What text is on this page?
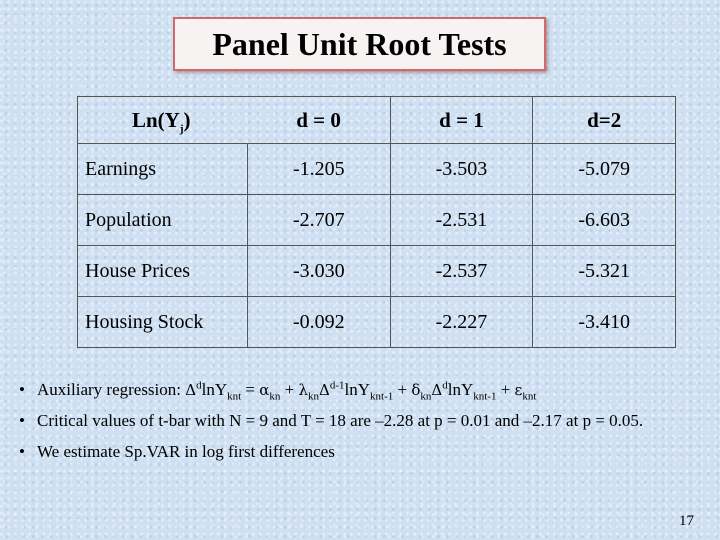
Panel Unit Root Tests
$Ln(Y_j)$	d = 0	d = 1	d=2
Earnings	-1.205	-3.503	-5.079
Population	-2.707	-2.531	-6.603
House Prices	-3.030	-2.537	-5.321
Housing Stock	-0.092	-2.227	-3.410
• Auxiliary regression: $\Delta^d\ln Y_{knt} = \alpha_{kn} + \lambda_{kn}\Delta^{d-1}\ln Y_{knt-1} + \delta_{kn}\Delta^d\ln Y_{knt-1} + \varepsilon_{knt}$
• Critical values of t-bar with N = 9 and T = 18 are –2.28 at p = 0.01 and –2.17 at p = 0.05.
• We estimate Sp.VAR in log first differences
17
